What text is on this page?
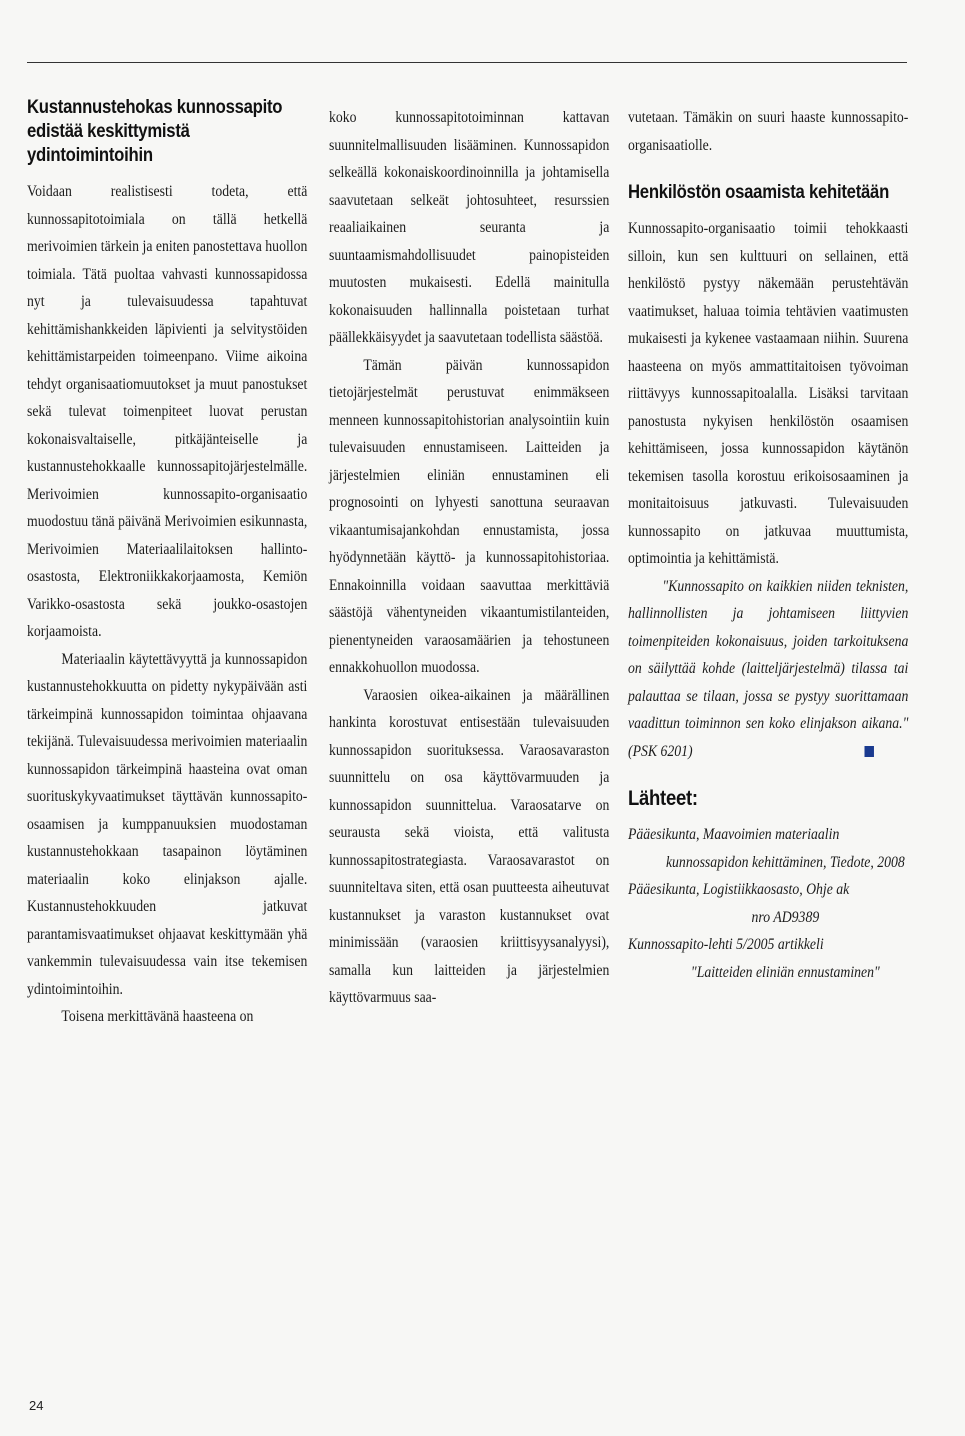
Kustannustehokas kunnossapito edistää keskittymistä ydintoimintoihin

Voidaan realistisesti todeta, että kunnossapitotoimiala on tällä hetkellä merivoimien tärkein ja eniten panostettava huollon toimiala. Tätä puoltaa vahvasti kunnossapidossa nyt ja tulevaisuudessa tapahtuvat kehittämishankkeiden läpivienti ja selvitystöiden kehittämistarpeiden toimeenpano. Viime aikoina tehdyt organisaatiomuutokset ja muut panostukset sekä tulevat toimenpiteet luovat perustan kokonaisvaltaiselle, pitkäjänteiselle ja kustannustehokkaalle kunnossapitojärjestelmälle. Merivoimien kunnossapito-organisaatio muodostuu tänä päivänä Merivoimien esikunnasta, Merivoimien Materiaalilaitoksen hallinto-osastosta, Elektroniikkakorjaamosta, Kemiön Varikko-osastosta sekä joukko-osastojen korjaamoista.

Materiaalin käytettävyyttä ja kunnossapidon kustannustehokkuutta on pidetty nykypäivään asti tärkeimpinä kunnossapidon toimintaa ohjaavana tekijänä. Tulevaisuudessa merivoimien materiaalin kunnossapidon tärkeimpinä haasteina ovat oman suorituskykyvaatimukset täyttävän kunnossapito-osaamisen ja kumppanuuksien muodostaman kustannustehokkaan tasapainon löytäminen materiaalin koko elinjakson ajalle. Kustannustehokkuuden jatkuvat parantamisvaatimukset ohjaavat keskittymään yhä vankemmin tulevaisuudessa vain itse tekemisen ydintoimintoihin.

Toisena merkittävänä haasteena on

koko kunnossapitotoiminnan kattavan suunnitelmallisuuden lisääminen. Kunnossapidon selkeällä kokonaiskoordinoinnilla ja johtamisella saavutetaan selkeät johtosuhteet, resurssien reaaliaikainen seuranta ja suuntaamismahdollisuudet painopisteiden muutosten mukaisesti. Edellä mainitulla kokonaisuuden hallinnalla poistetaan turhat päällekkäisyydet ja saavutetaan todellista säästöä.

Tämän päivän kunnossapidon tietojärjestelmät perustuvat enimmäkseen menneen kunnossapitohistorian analysointiin kuin tulevaisuuden ennustamiseen. Laitteiden ja järjestelmien eliniän ennustaminen eli prognosointi on lyhyesti sanottuna seuraavan vikaantumisajankohdan ennustamista, jossa hyödynnetään käyttö- ja kunnossapitohistoriaa. Ennakoinnilla voidaan saavuttaa merkittäviä säästöjä vähentyneiden vikaantumistilanteiden, pienentyneiden varaosamäärien ja tehostuneen ennakkohuollon muodossa.

Varaosien oikea-aikainen ja määrällinen hankinta korostuvat entisestään tulevaisuuden kunnossapidon suorituksessa. Varaosavaraston suunnittelu on osa käyttövarmuuden ja kunnossapidon suunnittelua. Varaosatarve on seurausta sekä vioista, että valitusta kunnossapitostrategiasta. Varaosavarastot on suunniteltava siten, että osan puutteesta aiheutuvat kustannukset ja varaston kustannukset ovat minimissään (varaosien kriittisyysanalyysi), samalla kun laitteiden ja järjestelmien käyttövarmuus saa-

vutetaan. Tämäkin on suuri haaste kunnossapito-organisaatiolle.

Henkilöstön osaamista kehitetään

Kunnossapito-organisaatio toimii tehokkaasti silloin, kun sen kulttuuri on sellainen, että henkilöstö pystyy näkemään perustehtävän vaatimukset, haluaa toimia tehtävien vaatimusten mukaisesti ja kykenee vastaamaan niihin. Suurena haasteena on myös ammattitaitoisen työvoiman riittävyys kunnossapitoalalla. Lisäksi tarvitaan panostusta nykyisen henkilöstön osaamisen kehittämiseen, jossa kunnossapidon käytänön tekemisen tasolla korostuu erikoisosaaminen ja monitaitoisuus jatkuvasti. Tulevaisuuden kunnossapito on jatkuvaa muuttumista, optimointia ja kehittämistä.

"Kunnossapito on kaikkien niiden teknisten, hallinnollisten ja johtamiseen liittyvien toimenpiteiden kokonaisuus, joiden tarkoituksena on säilyttää kohde (laitteljärjestelmä) tilassa tai palauttaa se tilaan, jossa se pystyy suorittamaan vaadittun toiminnon sen koko elinjakson aikana." (PSK 6201)

Lähteet:

Pääesikunta, Maavoimien materiaalin
kunnossapidon kehittäminen, Tiedote, 2008

Pääesikunta, Logistiikkaosasto, Ohje ak
nro AD9389

Kunnossapito-lehti 5/2005 artikkeli
"Laitteiden eliniän ennustaminen"

24
